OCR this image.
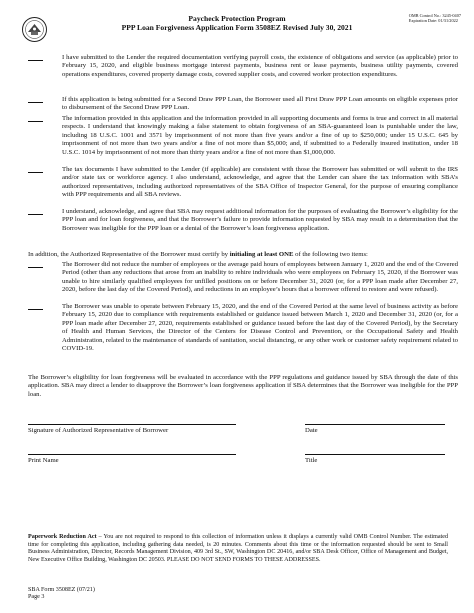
OMB Control No.: 3245-0407
Expiration Date: 01/31/2022
Paycheck Protection Program
PPP Loan Forgiveness Application Form 3508EZ Revised July 30, 2021
I have submitted to the Lender the required documentation verifying payroll costs, the existence of obligations and service (as applicable) prior to February 15, 2020, and eligible business mortgage interest payments, business rent or lease payments, business utility payments, covered operations expenditures, covered property damage costs, covered supplier costs, and covered worker protection expenditures.
If this application is being submitted for a Second Draw PPP Loan, the Borrower used all First Draw PPP Loan amounts on eligible expenses prior to disbursement of the Second Draw PPP Loan.
The information provided in this application and the information provided in all supporting documents and forms is true and correct in all material respects. I understand that knowingly making a false statement to obtain forgiveness of an SBA-guaranteed loan is punishable under the law, including 18 U.S.C. 1001 and 3571 by imprisonment of not more than five years and/or a fine of up to $250,000; under 15 U.S.C. 645 by imprisonment of not more than two years and/or a fine of not more than $5,000; and, if submitted to a Federally insured institution, under 18 U.S.C. 1014 by imprisonment of not more than thirty years and/or a fine of not more than $1,000,000.
The tax documents I have submitted to the Lender (if applicable) are consistent with those the Borrower has submitted or will submit to the IRS and/or state tax or workforce agency. I also understand, acknowledge, and agree that the Lender can share the tax information with SBA’s authorized representatives, including authorized representatives of the SBA Office of Inspector General, for the purpose of ensuring compliance with PPP requirements and all SBA reviews.
I understand, acknowledge, and agree that SBA may request additional information for the purposes of evaluating the Borrower’s eligibility for the PPP loan and for loan forgiveness, and that the Borrower’s failure to provide information requested by SBA may result in a determination that the Borrower was ineligible for the PPP loan or a denial of the Borrower’s loan forgiveness application.
In addition, the Authorized Representative of the Borrower must certify by initialing at least ONE of the following two items:
The Borrower did not reduce the number of employees or the average paid hours of employees between January 1, 2020 and the end of the Covered Period (other than any reductions that arose from an inability to rehire individuals who were employees on February 15, 2020, if the Borrower was unable to hire similarly qualified employees for unfilled positions on or before December 31, 2020 (or, for a PPP loan made after December 27, 2020, before the last day of the Covered Period), and reductions in an employee’s hours that a borrower offered to restore and were refused).
The Borrower was unable to operate between February 15, 2020, and the end of the Covered Period at the same level of business activity as before February 15, 2020 due to compliance with requirements established or guidance issued between March 1, 2020 and December 31, 2020 (or, for a PPP loan made after December 27, 2020, requirements established or guidance issued before the last day of the Covered Period), by the Secretary of Health and Human Services, the Director of the Centers for Disease Control and Prevention, or the Occupational Safety and Health Administration, related to the maintenance of standards of sanitation, social distancing, or any other work or customer safety requirement related to COVID-19.
The Borrower’s eligibility for loan forgiveness will be evaluated in accordance with the PPP regulations and guidance issued by SBA through the date of this application. SBA may direct a lender to disapprove the Borrower’s loan forgiveness application if SBA determines that the Borrower was ineligible for the PPP loan.
Signature of Authorized Representative of Borrower	Date
Print Name	Title
Paperwork Reduction Act – You are not required to respond to this collection of information unless it displays a currently valid OMB Control Number. The estimated time for completing this application, including gathering data needed, is 20 minutes. Comments about this time or the information requested should be sent to Small Business Administration, Director, Records Management Division, 409 3rd St., SW, Washington DC 20416, and/or SBA Desk Officer, Office of Management and Budget, New Executive Office Building, Washington DC 20503. PLEASE DO NOT SEND FORMS TO THESE ADDRESSES.
SBA Form 3508EZ (07/21)
Page 3
